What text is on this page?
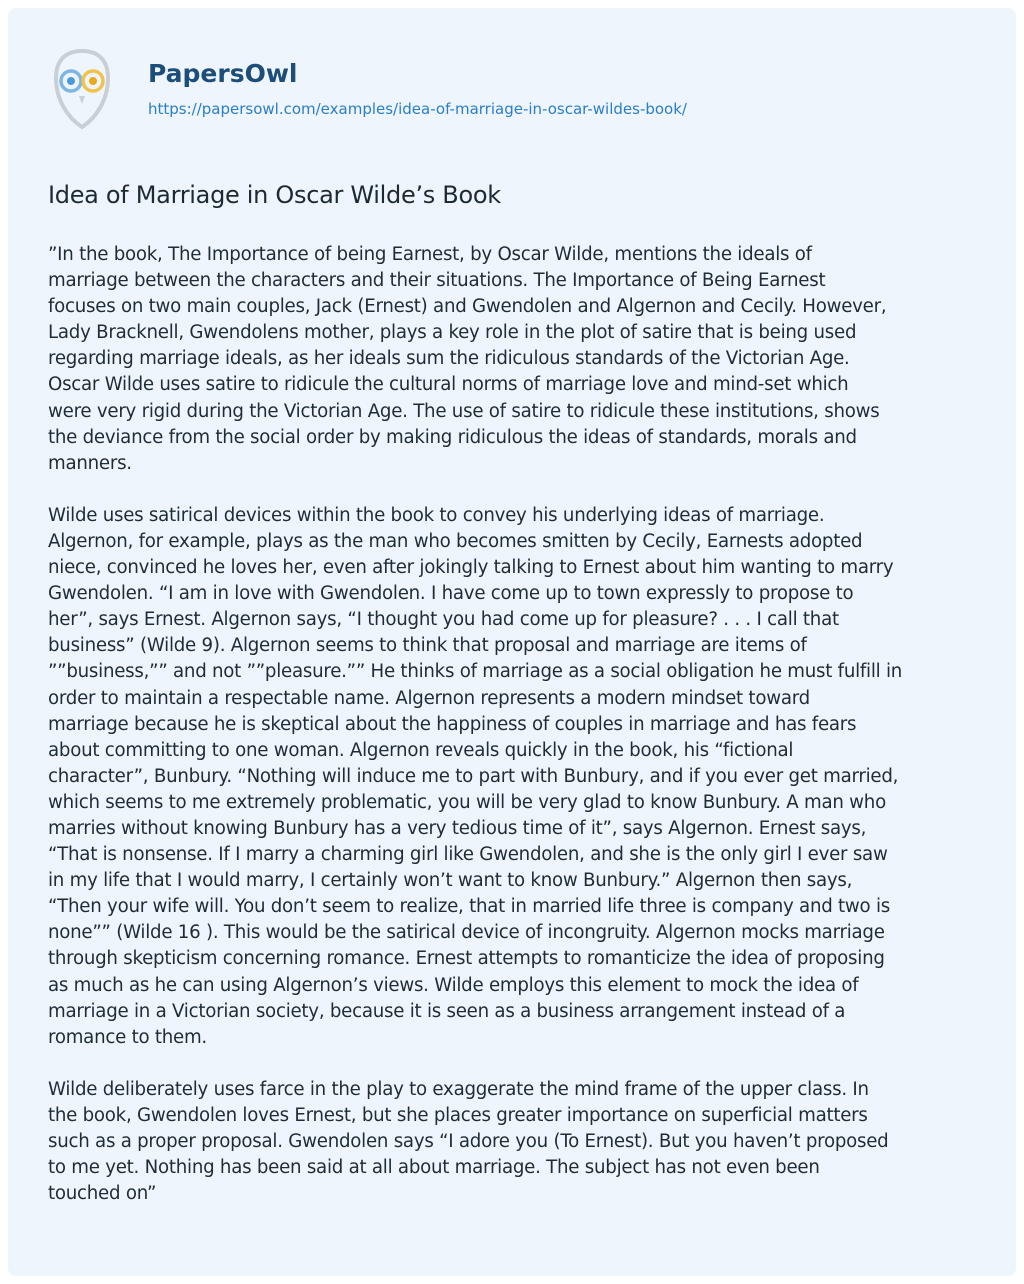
PapersOwl
https://papersowl.com/examples/idea-of-marriage-in-oscar-wildes-book/
Idea of Marriage in Oscar Wilde’s Book

”In the book, The Importance of being Earnest, by Oscar Wilde, mentions the ideals of
marriage between the characters and their situations. The Importance of Being Earnest
focuses on two main couples, Jack (Ernest) and Gwendolen and Algernon and Cecily. However,
Lady Bracknell, Gwendolens mother, plays a key role in the plot of satire that is being used
regarding marriage ideals, as her ideals sum the ridiculous standards of the Victorian Age.
Oscar Wilde uses satire to ridicule the cultural norms of marriage love and mind-set which
were very rigid during the Victorian Age. The use of satire to ridicule these institutions, shows
the deviance from the social order by making ridiculous the ideas of standards, morals and
manners.

Wilde uses satirical devices within the book to convey his underlying ideas of marriage.
Algernon, for example, plays as the man who becomes smitten by Cecily, Earnests adopted
niece, convinced he loves her, even after jokingly talking to Ernest about him wanting to marry
Gwendolen. “I am in love with Gwendolen. I have come up to town expressly to propose to
her”, says Ernest. Algernon says, “I thought you had come up for pleasure? . . . I call that
business” (Wilde 9). Algernon seems to think that proposal and marriage are items of
””business,”” and not ””pleasure.”” He thinks of marriage as a social obligation he must fulfill in
order to maintain a respectable name. Algernon represents a modern mindset toward
marriage because he is skeptical about the happiness of couples in marriage and has fears
about committing to one woman. Algernon reveals quickly in the book, his “fictional
character”, Bunbury. “Nothing will induce me to part with Bunbury, and if you ever get married,
which seems to me extremely problematic, you will be very glad to know Bunbury. A man who
marries without knowing Bunbury has a very tedious time of it”, says Algernon. Ernest says,
“That is nonsense. If I marry a charming girl like Gwendolen, and she is the only girl I ever saw
in my life that I would marry, I certainly won’t want to know Bunbury.” Algernon then says,
“Then your wife will. You don’t seem to realize, that in married life three is company and two is
none”” (Wilde 16 ). This would be the satirical device of incongruity. Algernon mocks marriage
through skepticism concerning romance. Ernest attempts to romanticize the idea of proposing
as much as he can using Algernon’s views. Wilde employs this element to mock the idea of
marriage in a Victorian society, because it is seen as a business arrangement instead of a
romance to them.

Wilde deliberately uses farce in the play to exaggerate the mind frame of the upper class. In
the book, Gwendolen loves Ernest, but she places greater importance on superficial matters
such as a proper proposal. Gwendolen says “I adore you (To Ernest). But you haven’t proposed
to me yet. Nothing has been said at all about marriage. The subject has not even been
touched on”
